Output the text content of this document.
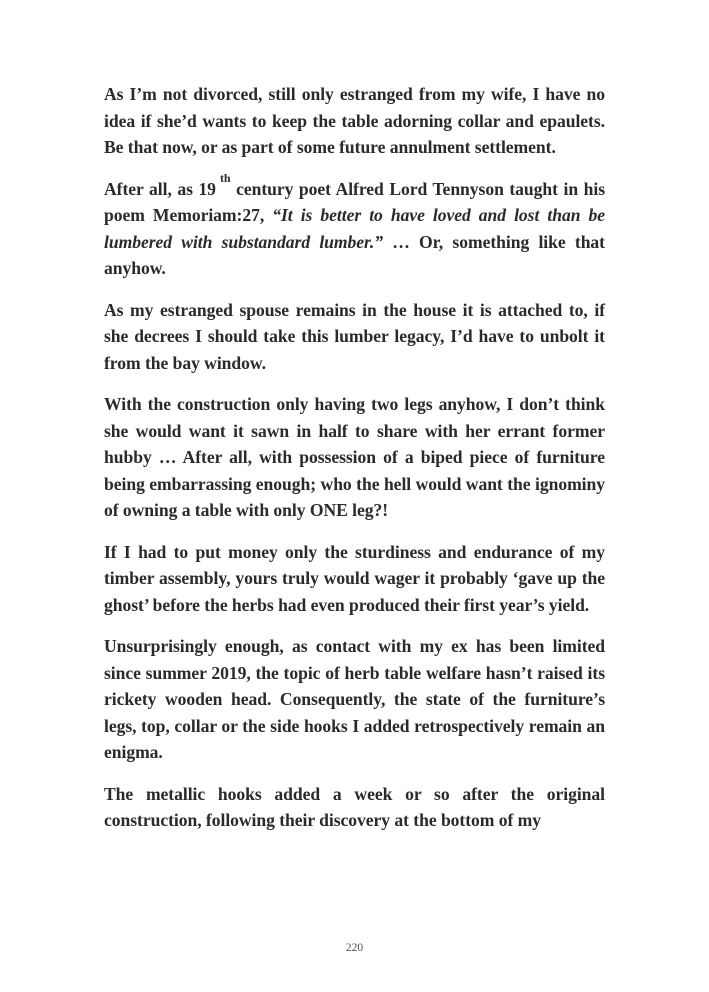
As I’m not divorced, still only estranged from my wife, I have no idea if she’d wants to keep the table adorning collar and epaulets. Be that now, or as part of some future annulment settlement.

After all, as 19th century poet Alfred Lord Tennyson taught in his poem Memoriam:27, “It is better to have loved and lost than be lumbered with substandard lumber.” … Or, something like that anyhow.

As my estranged spouse remains in the house it is attached to, if she decrees I should take this lumber legacy, I’d have to unbolt it from the bay window.

With the construction only having two legs anyhow, I don’t think she would want it sawn in half to share with her errant former hubby … After all, with possession of a biped piece of furniture being embarrassing enough; who the hell would want the ignominy of owning a table with only ONE leg?!

If I had to put money only the sturdiness and endurance of my timber assembly, yours truly would wager it probably ‘gave up the ghost’ before the herbs had even produced their first year’s yield.

Unsurprisingly enough, as contact with my ex has been limited since summer 2019, the topic of herb table welfare hasn’t raised its rickety wooden head. Consequently, the state of the furniture’s legs, top, collar or the side hooks I added retrospectively remain an enigma.

The metallic hooks added a week or so after the original construction, following their discovery at the bottom of my

220
